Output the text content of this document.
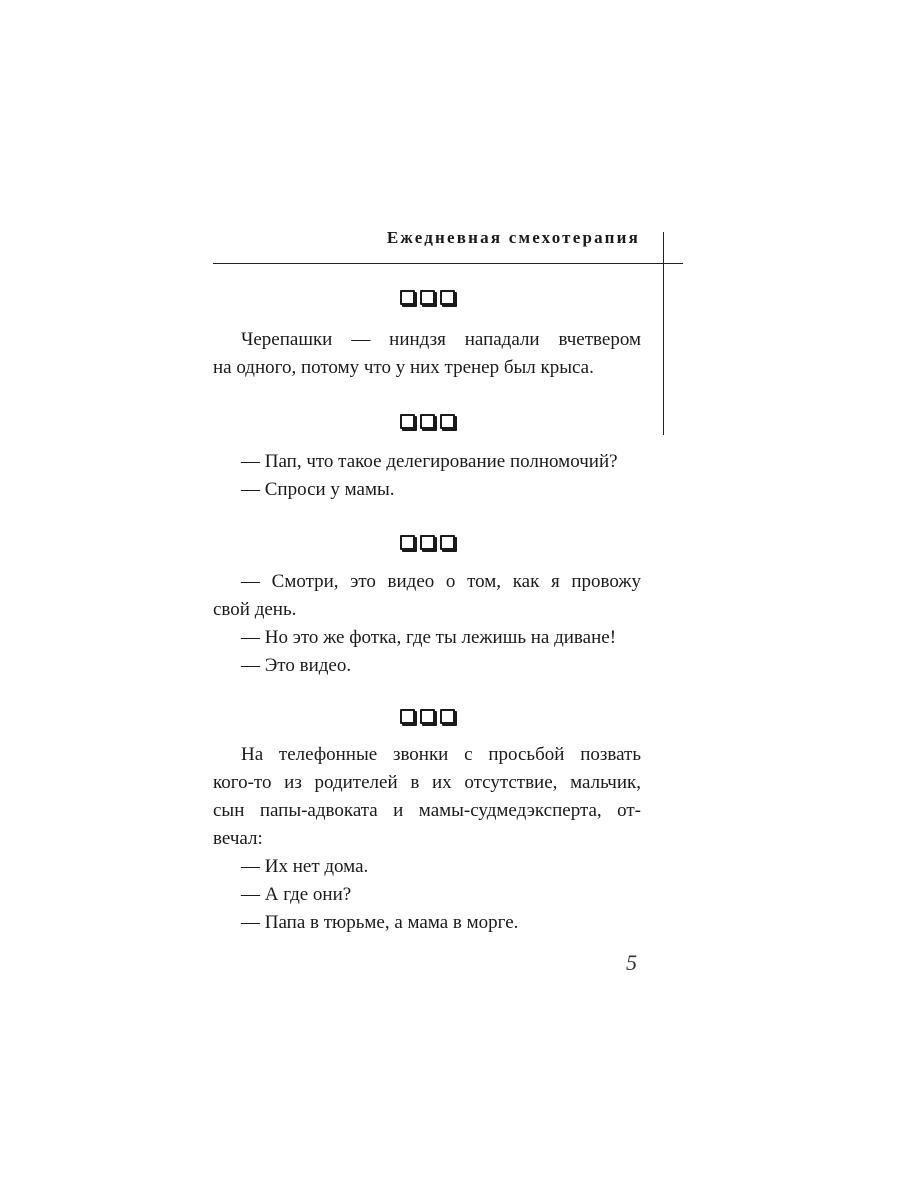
Ежедневная смехотерапия
Черепашки — ниндзя нападали вчетвером
на одного, потому что у них тренер был крыса.
— Пап, что такое делегирование полномочий?
— Спроси у мамы.
— Смотри, это видео о том, как я провожу
свой день.
— Но это же фотка, где ты лежишь на диване!
— Это видео.
На телефонные звонки с просьбой позвать
кого-то из родителей в их отсутствие, мальчик,
сын папы-адвоката и мамы-судмедэксперта, от-
вечал:
— Их нет дома.
— А где они?
— Папа в тюрьме, а мама в морге.
5
